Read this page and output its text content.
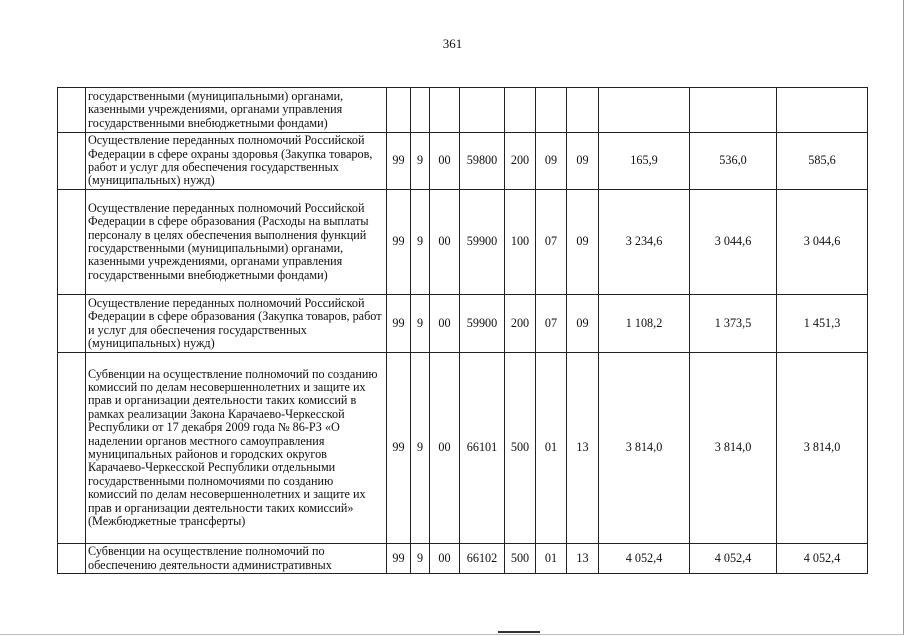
361
	государственными (муниципальными) органами, казенными учреждениями, органами управления государственными внебюджетными фондами)										
	Осуществление переданных полномочий Российской Федерации в сфере охраны здоровья (Закупка товаров, работ и услуг для обеспечения государственных (муниципальных) нужд)	99	9	00	59800	200	09	09	165,9	536,0	585,6
	Осуществление переданных полномочий Российской Федерации в сфере образования (Расходы на выплаты персоналу в целях обеспечения выполнения функций государственными (муниципальными) органами, казенными учреждениями, органами управления государственными внебюджетными фондами)	99	9	00	59900	100	07	09	3 234,6	3 044,6	3 044,6
	Осуществление переданных полномочий Российской Федерации в сфере образования (Закупка товаров, работ и услуг для обеспечения государственных (муниципальных) нужд)	99	9	00	59900	200	07	09	1 108,2	1 373,5	1 451,3
	Субвенции на осуществление полномочий по созданию комиссий по делам несовершеннолетних и защите их прав и организации деятельности таких комиссий в рамках реализации Закона Карачаево-Черкесской Республики от 17 декабря 2009 года № 86-РЗ «О наделении органов местного самоуправления муниципальных районов и городских округов Карачаево-Черкесской Республики отдельными государственными полномочиями по созданию комиссий по делам несовершеннолетних и защите их прав и организации деятельности таких комиссий» (Межбюджетные трансферты)	99	9	00	66101	500	01	13	3 814,0	3 814,0	3 814,0
	Субвенции на осуществление полномочий по обеспечению деятельности административных	99	9	00	66102	500	01	13	4 052,4	4 052,4	4 052,4
